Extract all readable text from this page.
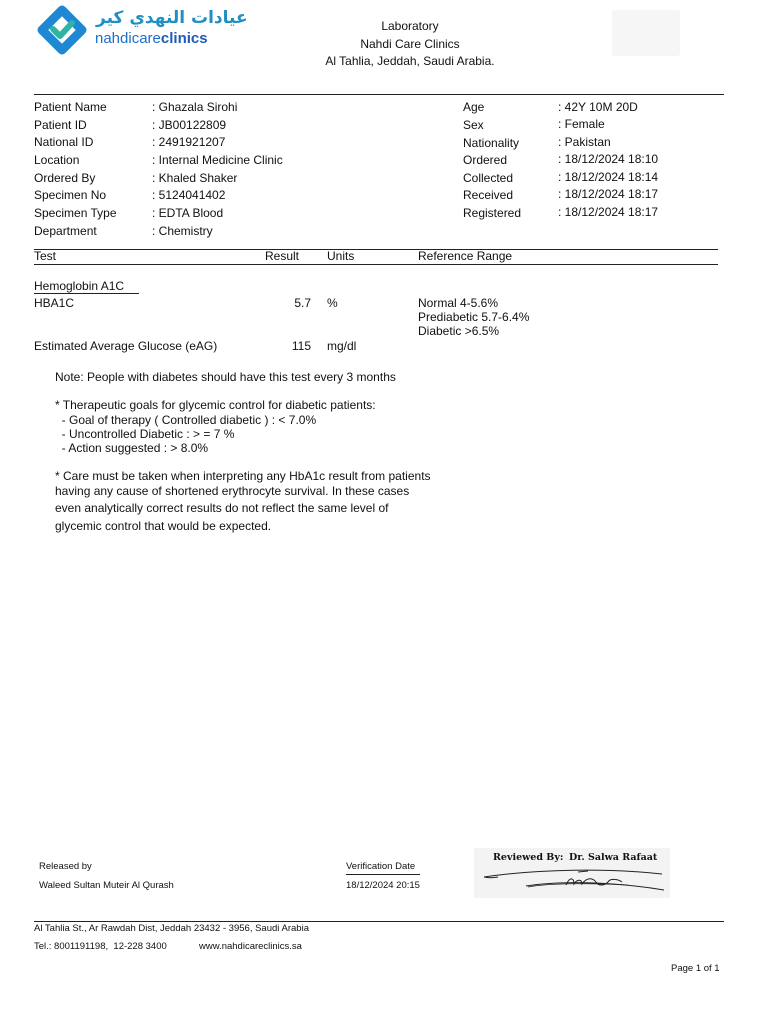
عيادات النهدي كير
nahdicareclinics
Laboratory
Nahdi Care Clinics
Al Tahlia, Jeddah, Saudi Arabia.
Patient Name	: Ghazala Sirohi
Patient ID	: JB00122809
National ID	: 2491921207
Location	: Internal Medicine Clinic
Ordered By	: Khaled Shaker
Specimen No	: 5124041402
Specimen Type	: EDTA Blood
Department	: Chemistry
Age	: 42Y 10M 20D
Sex	: Female
Nationality	: Pakistan
Ordered	: 18/12/2024 18:10
Collected	: 18/12/2024 18:14
Received	: 18/12/2024 18:17
Registered	: 18/12/2024 18:17
Test	Result Units	Reference Range
Hemoglobin A1C
HBA1C	5.7 %	Normal 4-5.6%
Prediabetic 5.7-6.4%
Diabetic >6.5%
Estimated Average Glucose (eAG)	115 mg/dl
Note: People with diabetes should have this test every 3 months
* Therapeutic goals for glycemic control for diabetic patients:
- Goal of therapy ( Controlled diabetic ) : < 7.0%
- Uncontrolled Diabetic : > = 7 %
- Action suggested : > 8.0%
* Care must be taken when interpreting any HbA1c result from patients
having any cause of shortened erythrocyte survival. In these cases
even analytically correct results do not reflect the same level of
glycemic control that would be expected.
Released by
Waleed Sultan Muteir Al Qurash
Verification Date
18/12/2024 20:15
Reviewed By: Dr. Salwa Rafaat
Al Tahlia St., Ar Rawdah Dist, Jeddah 23432 - 3956, Saudi Arabia
Tel.: 8001191198,  12-228 3400	www.nahdicareclinics.sa
Page 1 of 1
